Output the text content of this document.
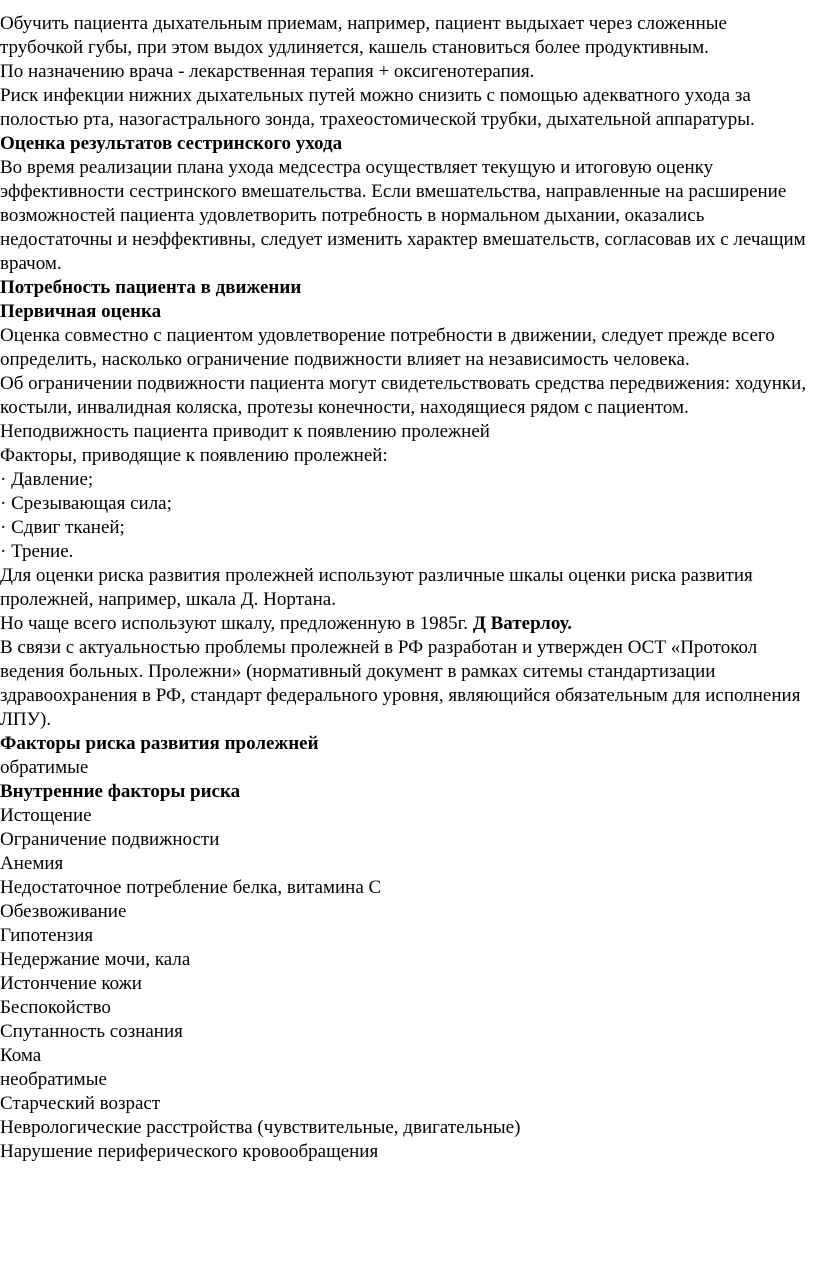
Обучить пациента дыхательным приемам, например, пациент выдыхает через сложенные трубочкой губы, при этом выдох удлиняется, кашель становиться более продуктивным.

По назначению врача - лекарственная терапия + оксигенотерапия.

Риск инфекции нижних дыхательных путей можно снизить с помощью адекватного ухода за полостью рта, назогастрального зонда, трахеостомической трубки, дыхательной аппаратуры.

Оценка результатов сестринского ухода

Во время реализации плана ухода медсестра осуществляет текущую и итоговую оценку эффективности сестринского вмешательства. Если вмешательства, направленные на расширение возможностей пациента удовлетворить потребность в нормальном дыхании, оказались недостаточны и неэффективны, следует изменить характер вмешательств, согласовав их с лечащим врачом.

Потребность пациента в движении

Первичная оценка

Оценка совместно с пациентом удовлетворение потребности в движении, следует прежде всего определить, насколько ограничение подвижности влияет на независимость человека.

Об ограничении подвижности пациента могут свидетельствовать средства передвижения: ходунки, костыли, инвалидная коляска, протезы конечности, находящиеся рядом с пациентом.

Неподвижность пациента приводит к появлению пролежней

Факторы, приводящие к появлению пролежней:

· Давление;

· Срезывающая сила;

· Сдвиг тканей;

· Трение.

Для оценки риска развития пролежней используют различные шкалы оценки риска развития пролежней, например, шкала Д. Нортана.

Но чаще всего используют шкалу, предложенную в 1985г. Д Ватерлоу.

В связи с актуальностью проблемы пролежней в РФ разработан и утвержден ОСТ «Протокол ведения больных. Пролежни» (нормативный документ в рамках ситемы стандартизации здравоохранения в РФ, стандарт федерального уровня, являющийся обязательным для исполнения ЛПУ).

Факторы риска развития пролежней

обратимые

Внутренние факторы риска

Истощение

Ограничение подвижности

Анемия

Недостаточное потребление белка, витамина С

Обезвоживание

Гипотензия

Недержание мочи, кала

Истончение кожи

Беспокойство

Спутанность сознания

Кома

необратимые

Старческий возраст

Неврологические расстройства (чувствительные, двигательные)

Нарушение периферического кровообращения
